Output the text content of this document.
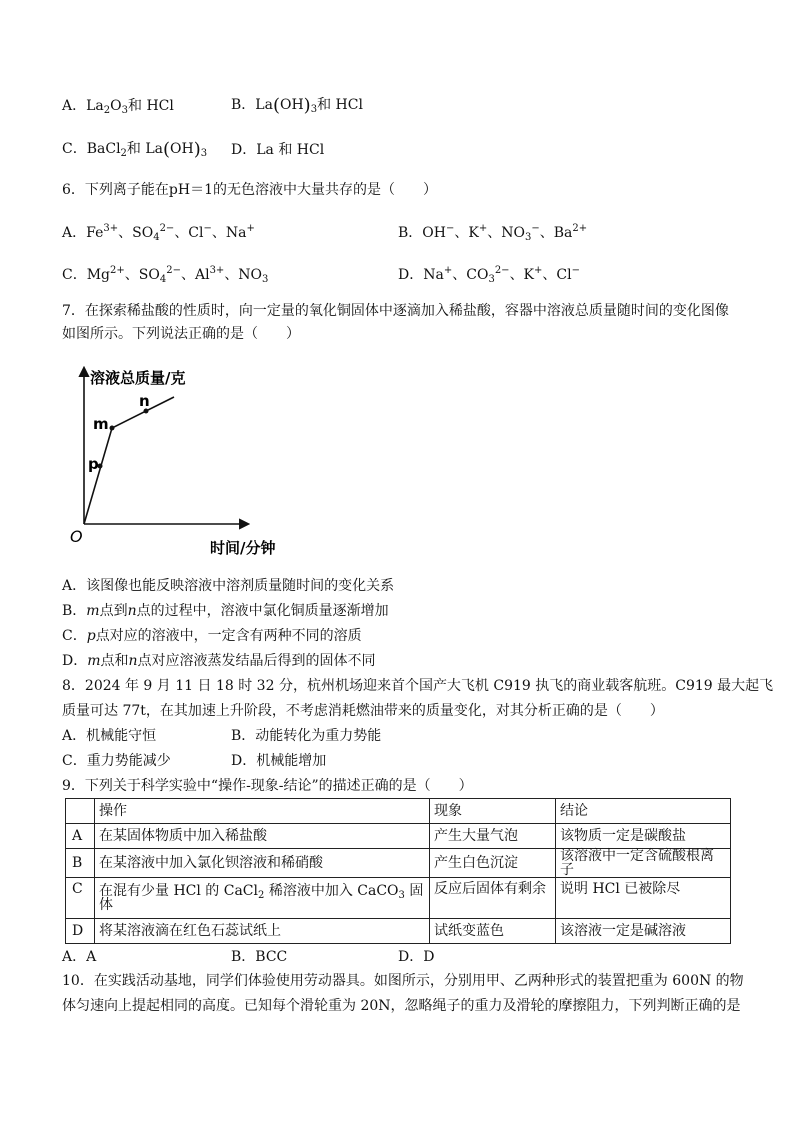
A．$La_2O_3$和 HCl	B．$La(OH)_3$和 HCl
C．BaCl$_2$和 $La(OH)_3$ D．La 和 HCl
6．下列离子能在pH＝1的无色溶液中大量共存的是（　　）
A．$Fe^{3+}$、$SO_4^{2-}$、Cl−、Na+	B．OH−、K+、$NO_3^-$、$Ba^{2+}$
C．$Mg^{2+}$、$SO_4^{2-}$、$Al^{3+}$、$NO_3$	D．Na+、$CO_3^{2-}$、K+、Cl−
7．在探索稀盐酸的性质时，向一定量的氧化铜固体中逐滴加入稀盐酸，容器中溶液总质量随时间的变化图像
如图所示。下列说法正确的是（　　）
溶液总质量/克
时间/分钟
O
p
m
n
A．该图像也能反映溶液中溶剂质量随时间的变化关系
B．m点到n点的过程中，溶液中氯化铜质量逐渐增加
C．p点对应的溶液中，一定含有两种不同的溶质
D．m点和n点对应溶液蒸发结晶后得到的固体不同
8．2024 年 9 月 11 日 18 时 32 分，杭州机场迎来首个国产大飞机 C919 执飞的商业载客航班。C919 最大起飞
质量可达 77t，在其加速上升阶段，不考虑消耗燃油带来的质量变化，对其分析正确的是（　　）
A．机械能守恒	B．动能转化为重力势能
C．重力势能减少	D．机械能增加
9．下列关于科学实验中“操作-现象-结论”的描述正确的是（　　）
	操作	现象	结论
A	在某固体物质中加入稀盐酸	产生大量气泡	该物质一定是碳酸盐
B	在某溶液中加入氯化钡溶液和稀硝酸	产生白色沉淀	该溶液中一定含硫酸根离子
C	在混有少量 HCl 的 CaCl$_2$ 稀溶液中加入 CaCO$_3$ 固体	反应后固体有剩余	说明 HCl 已被除尽
D	将某溶液滴在红色石蕊试纸上	试纸变蓝色	该溶液一定是碱溶液
A．A	B．BCC	D．D
10．在实践活动基地，同学们体验使用劳动器具。如图所示，分别用甲、乙两种形式的装置把重为 600N 的物
体匀速向上提起相同的高度。已知每个滑轮重为 20N，忽略绳子的重力及滑轮的摩擦阻力，下列判断正确的是
